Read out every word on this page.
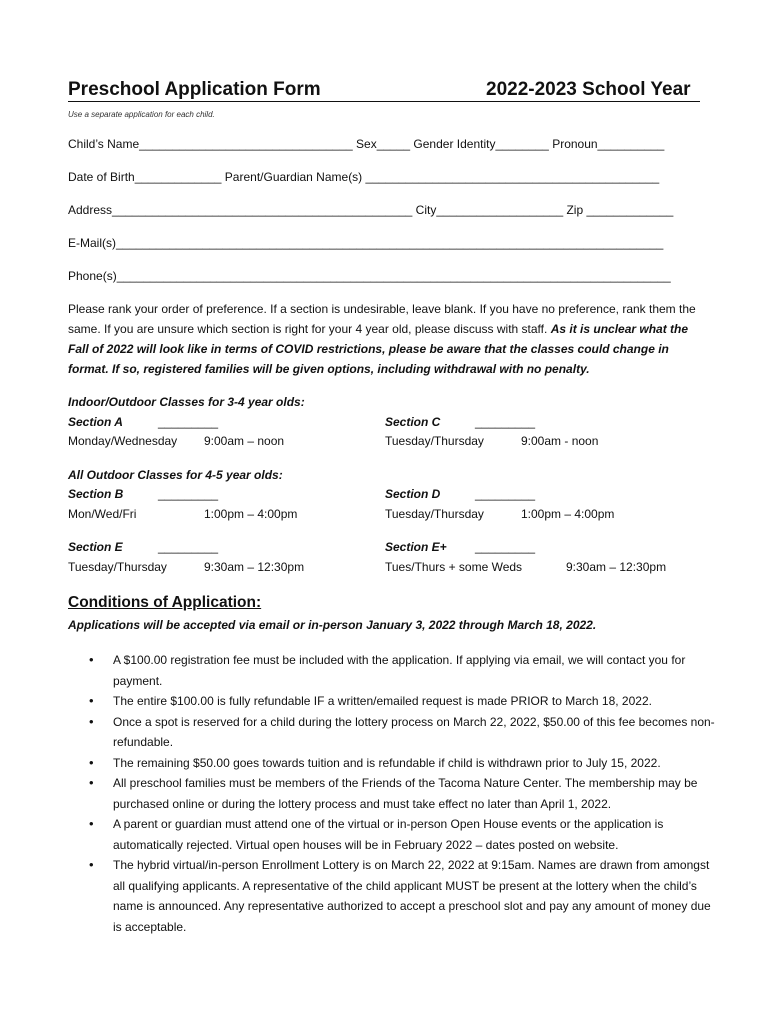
Preschool Application Form	2022-2023 School Year
Use a separate application for each child.
Child’s Name________________________________ Sex_____ Gender Identity________ Pronoun__________
Date of Birth_____________ Parent/Guardian Name(s) ____________________________________________
Address_____________________________________________ City___________________ Zip _____________
E-Mail(s)__________________________________________________________________________________
Phone(s)___________________________________________________________________________________
Please rank your order of preference. If a section is undesirable, leave blank. If you have no preference, rank them the same. If you are unsure which section is right for your 4 year old, please discuss with staff. As it is unclear what the Fall of 2022 will look like in terms of COVID restrictions, please be aware that the classes could change in format. If so, registered families will be given options, including withdrawal with no penalty.
Indoor/Outdoor Classes for 3-4 year olds:
Section A	_________
Monday/Wednesday 9:00am – noon
Section C	_________
Tuesday/Thursday	9:00am - noon
All Outdoor Classes for 4-5 year olds:
Section B	_________
Mon/Wed/Fri	1:00pm – 4:00pm
Section D	_________
Tuesday/Thursday	1:00pm – 4:00pm
Section E	_________
Tuesday/Thursday	9:30am – 12:30pm
Section E+ _________
Tues/Thurs + some Weds	9:30am – 12:30pm
Conditions of Application:
Applications will be accepted via email or in-person January 3, 2022 through March 18, 2022.
• A $100.00 registration fee must be included with the application. If applying via email, we will contact you for payment.
• The entire $100.00 is fully refundable IF a written/emailed request is made PRIOR to March 18, 2022.
• Once a spot is reserved for a child during the lottery process on March 22, 2022, $50.00 of this fee becomes non-refundable.
• The remaining $50.00 goes towards tuition and is refundable if child is withdrawn prior to July 15, 2022.
• All preschool families must be members of the Friends of the Tacoma Nature Center. The membership may be purchased online or during the lottery process and must take effect no later than April 1, 2022.
• A parent or guardian must attend one of the virtual or in-person Open House events or the application is automatically rejected. Virtual open houses will be in February 2022 – dates posted on website.
• The hybrid virtual/in-person Enrollment Lottery is on March 22, 2022 at 9:15am. Names are drawn from amongst all qualifying applicants. A representative of the child applicant MUST be present at the lottery when the child’s name is announced. Any representative authorized to accept a preschool slot and pay any amount of money due is acceptable.
